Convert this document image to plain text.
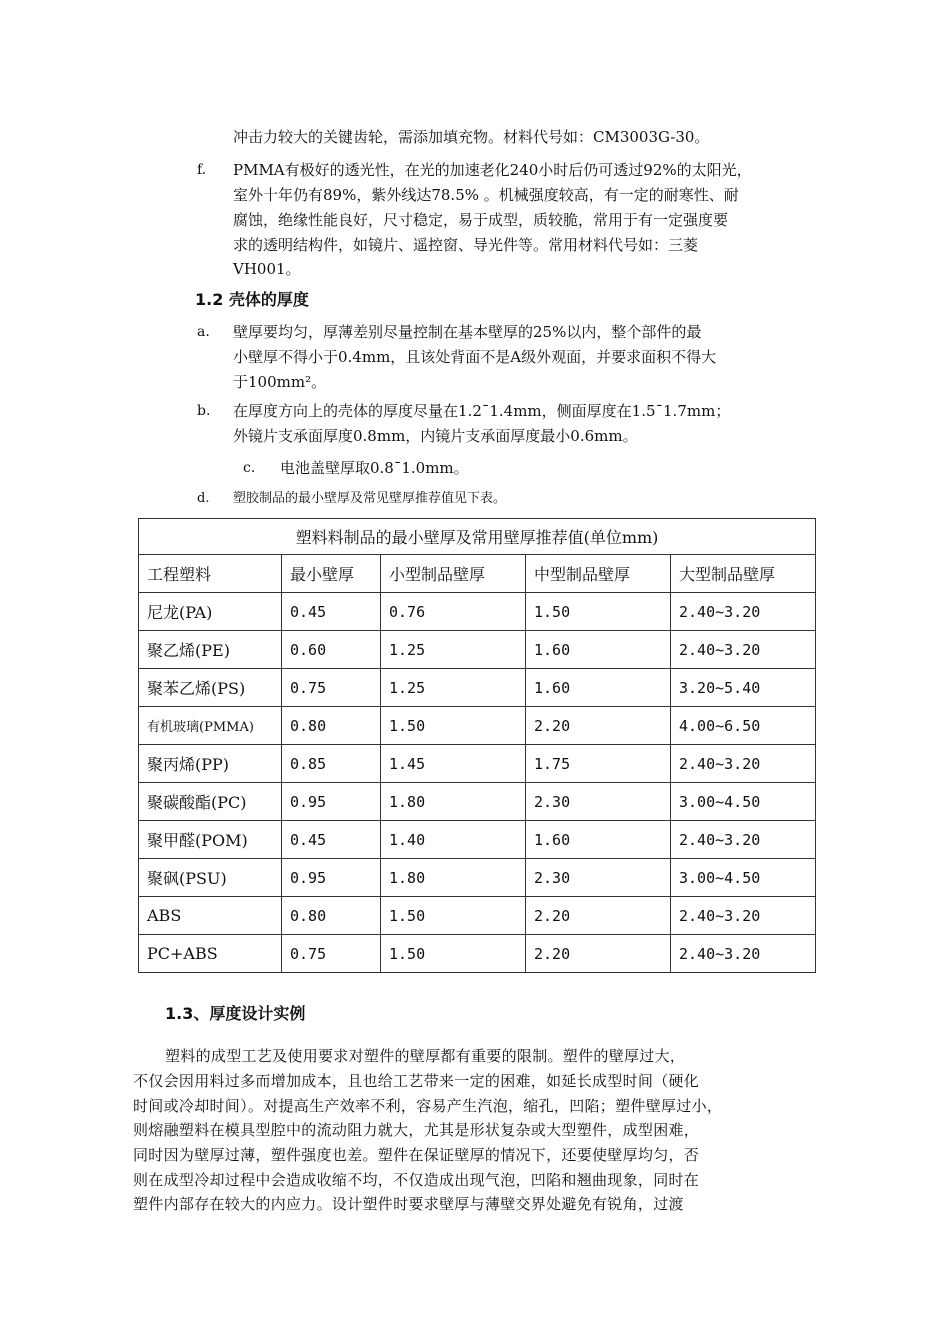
冲击力较大的关键齿轮，需添加填充物。材料代号如：CM3003G-30。
f. PMMA有极好的透光性，在光的加速老化240小时后仍可透过92%的太阳光，
室外十年仍有89%，紫外线达78.5% 。机械强度较高，有一定的耐寒性、耐
腐蚀，绝缘性能良好，尺寸稳定，易于成型，质较脆，常用于有一定强度要
求的透明结构件，如镜片、遥控窗、导光件等。常用材料代号如：三菱
VH001。
1.2 壳体的厚度
a. 壁厚要均匀，厚薄差别尽量控制在基本壁厚的25%以内，整个部件的最
小壁厚不得小于0.4mm，且该处背面不是A级外观面，并要求面积不得大
于100mm²。
b. 在厚度方向上的壳体的厚度尽量在1.2¯1.4mm，侧面厚度在1.5¯1.7mm；
外镜片支承面厚度0.8mm，内镜片支承面厚度最小0.6mm。
c. 电池盖壁厚取0.8¯1.0mm。
d. 塑胶制品的最小壁厚及常见壁厚推荐值见下表。
塑料料制品的最小壁厚及常用壁厚推荐值(单位mm)				
工程塑料	最小壁厚	小型制品壁厚	中型制品壁厚	大型制品壁厚
尼龙(PA)	0.45	0.76	1.50	2.40~3.20
聚乙烯(PE)	0.60	1.25	1.60	2.40~3.20
聚苯乙烯(PS)	0.75	1.25	1.60	3.20~5.40
有机玻璃(PMMA)	0.80	1.50	2.20	4.00~6.50
聚丙烯(PP)	0.85	1.45	1.75	2.40~3.20
聚碳酸酯(PC)	0.95	1.80	2.30	3.00~4.50
聚甲醛(POM)	0.45	1.40	1.60	2.40~3.20
聚砜(PSU)	0.95	1.80	2.30	3.00~4.50
ABS	0.80	1.50	2.20	2.40~3.20
PC+ABS	0.75	1.50	2.20	2.40~3.20
1.3、厚度设计实例
塑料的成型工艺及使用要求对塑件的壁厚都有重要的限制。塑件的壁厚过大，
不仅会因用料过多而增加成本，且也给工艺带来一定的困难，如延长成型时间（硬化
时间或冷却时间）。对提高生产效率不利，容易产生汽泡，缩孔，凹陷；塑件壁厚过小，
则熔融塑料在模具型腔中的流动阻力就大，尤其是形状复杂或大型塑件，成型困难，
同时因为壁厚过薄，塑件强度也差。塑件在保证壁厚的情况下，还要使壁厚均匀，否
则在成型冷却过程中会造成收缩不均，不仅造成出现气泡，凹陷和翘曲现象，同时在
塑件内部存在较大的内应力。设计塑件时要求壁厚与薄壁交界处避免有锐角，过渡
